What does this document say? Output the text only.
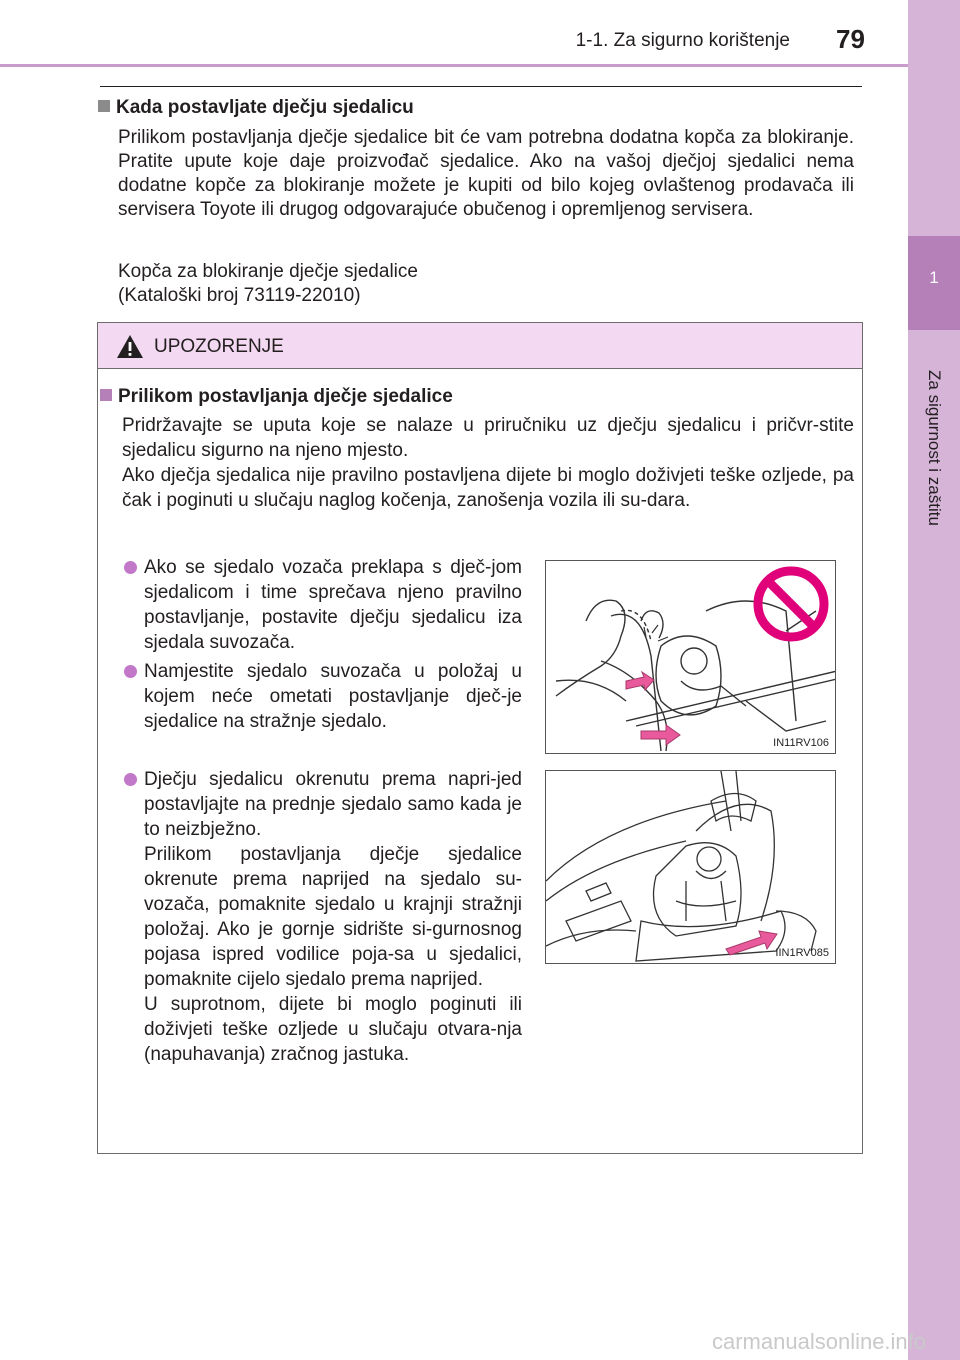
1-1. Za sigurno korištenje 79
1
Za sigurnost i zaštitu
Kada postavljate dječju sjedalicu
Prilikom postavljanja dječje sjedalice bit će vam potrebna dodatna kopča za blokiranje. Pratite upute koje daje proizvođač sjedalice. Ako na vašoj dječjoj sjedalici nema dodatne kopče za blokiranje možete je kupiti od bilo kojeg ovlaštenog prodavača ili servisera Toyote ili drugog odgovarajuće obučenog i opremljenog servisera.
Kopča za blokiranje dječje sjedalice
(Kataloški broj 73119-22010)
UPOZORENJE
Prilikom postavljanja dječje sjedalice
Pridržavajte se uputa koje se nalaze u priručniku uz dječju sjedalicu i pričvr-stite sjedalicu sigurno na njeno mjesto.
Ako dječja sjedalica nije pravilno postavljena dijete bi moglo doživjeti teške ozljede, pa čak i poginuti u slučaju naglog kočenja, zanošenja vozila ili su-dara.
Ako se sjedalo vozača preklapa s dječ-jom sjedalicom i time sprečava njeno pravilno postavljanje, postavite dječju sjedalicu iza sjedala suvozača.
Namjestite sjedalo suvozača u položaj u kojem neće ometati postavljanje dječ-je sjedalice na stražnje sjedalo.
Dječju sjedalicu okrenutu prema napri-jed postavljajte na prednje sjedalo samo kada je to neizbježno.
Prilikom postavljanja dječje sjedalice okrenute prema naprijed na sjedalo su-vozača, pomaknite sjedalo u krajnji stražnji položaj. Ako je gornje sidrište si-gurnosnog pojasa ispred vodilice poja-sa u sjedalici, pomaknite cijelo sjedalo prema naprijed.
U suprotnom, dijete bi moglo poginuti ili doživjeti teške ozljede u slučaju otvara-nja (napuhavanja) zračnog jastuka.
IN11RV106
IIN1RV085
carmanualsonline.info
